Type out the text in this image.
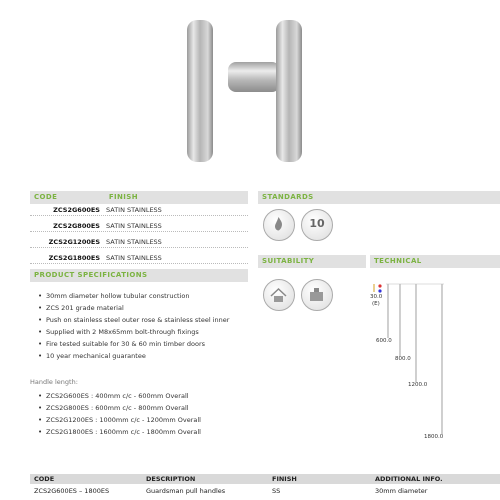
CODE	FINISH
ZCS2G600ES SATIN STAINLESS
ZCS2G800ES SATIN STAINLESS
ZCS2G1200ES SATIN STAINLESS
ZCS2G1800ES SATIN STAINLESS
STANDARDS
10
PRODUCT SPECIFICATIONS
• 30mm diameter hollow tubular construction
• ZCS 201 grade material
• Push on stainless steel outer rose & stainless steel inner
• Supplied with 2 M8x65mm bolt-through fixings
• Fire tested suitable for 30 & 60 min timber doors
• 10 year mechanical guarantee
Handle length:
• ZCS2G600ES : 400mm c/c - 600mm Overall
• ZCS2G800ES : 600mm c/c - 800mm Overall
• ZCS2G1200ES : 1000mm c/c - 1200mm Overall
• ZCS2G1800ES : 1600mm c/c - 1800mm Overall
SUITABILITY	TECHNICAL
30.0
(E)
600.0
800.0
1200.0
1800.0
CODE	DESCRIPTION	FINISH	ADDITIONAL INFO.
ZCS2G600ES – 1800ES	Guardsman pull handles	SS	30mm diameter
